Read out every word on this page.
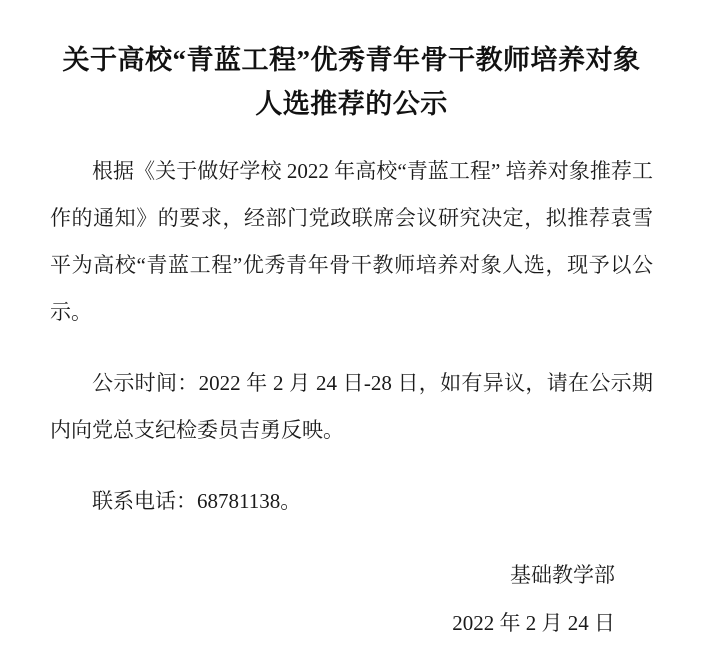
关于高校“青蓝工程”优秀青年骨干教师培养对象人选推荐的公示
根据《关于做好学校 2022 年高校“青蓝工程” 培养对象推荐工作的通知》的要求，经部门党政联席会议研究决定，拟推荐袁雪平为高校“青蓝工程”优秀青年骨干教师培养对象人选，现予以公示。
公示时间：2022 年 2 月 24 日-28 日，如有异议，请在公示期内向党总支纪检委员吉勇反映。
联系电话：68781138。
基础教学部
2022 年 2 月 24 日
